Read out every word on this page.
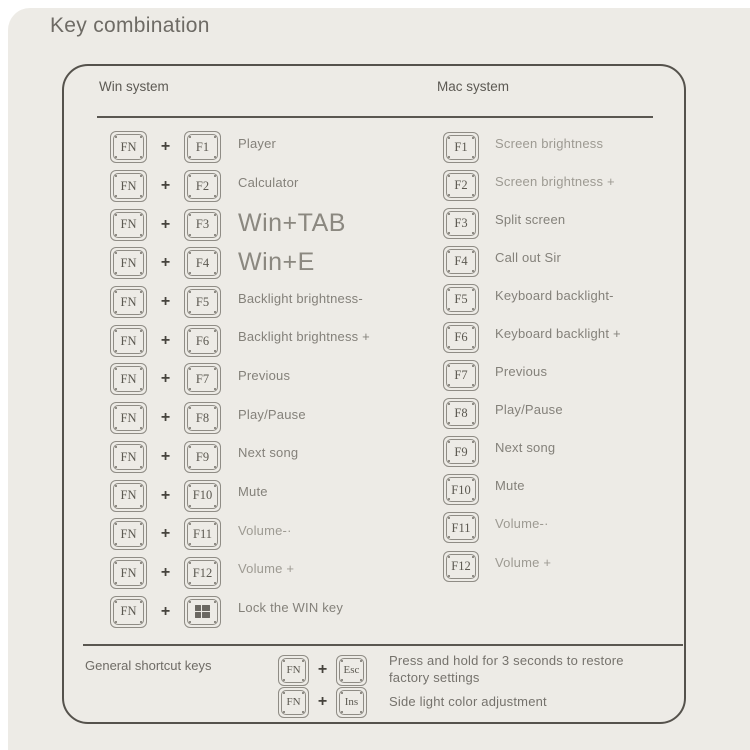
Key combination
Win system	Mac system
FN	+	F1 Player
FN	+	F2 Calculator
FN	+	F3 Win+TAB
FN	+	F4 Win+E
FN	+	F5 Backlight brightness-
FN	+	F6 Backlight brightness +
FN	+	F7 Previous
FN	+	F8 Play/Pause
FN	+	F9 Next song
FN	+	F10 Mute
FN	+	F11 Volume-·
FN	+	F12 Volume +
FN	+	Lock the WIN key
F1 Screen brightness
F2 Screen brightness +
F3 Split screen
F4 Call out Sir
F5 Keyboard backlight-
F6 Keyboard backlight +
F7 Previous
F8 Play/Pause
F9 Next song
F10 Mute
F11 Volume-·
F12 Volume +
General shortcut keys	FN	+	Esc
Press and hold for 3 seconds to restore factory settings
FN	+	Ins Side light color adjustment
